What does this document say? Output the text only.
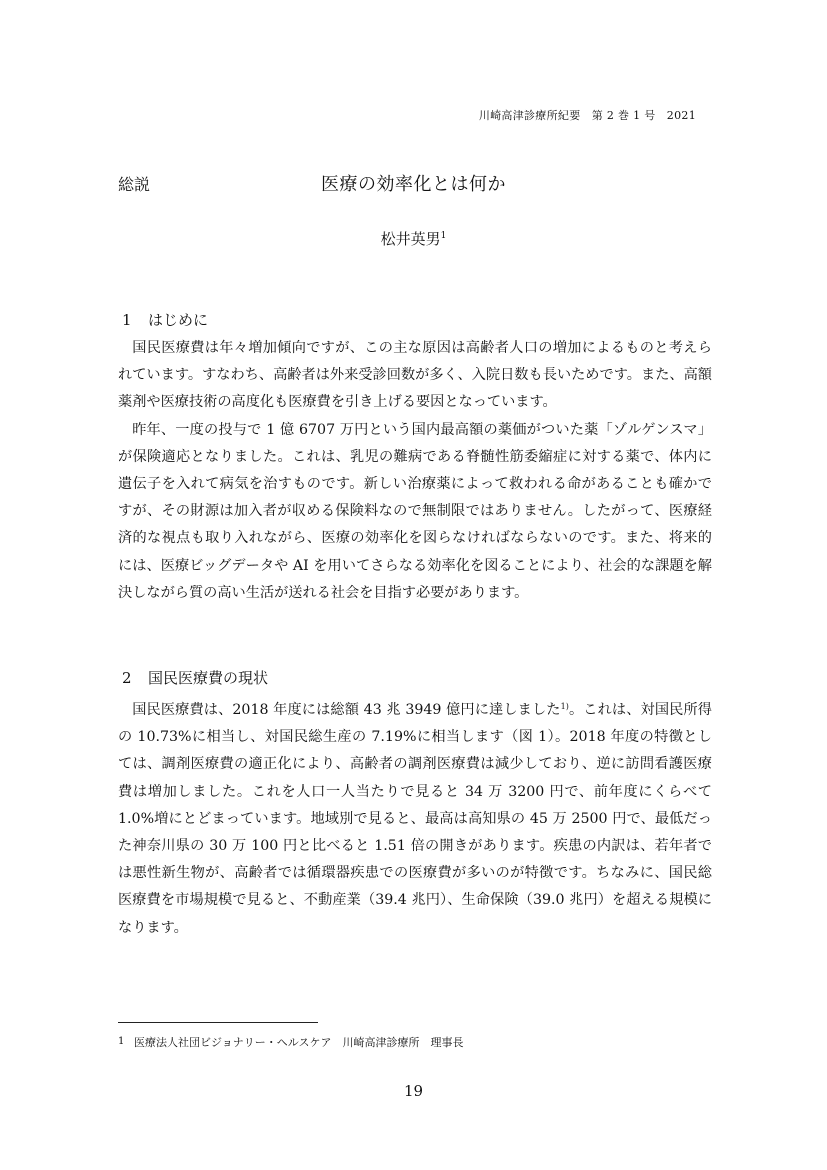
川崎高津診療所紀要　第 2 巻 1 号　2021
総説	医療の効率化とは何か
松井英男$^1$
1 はじめに

国民医療費は年々増加傾向ですが、この主な原因は高齢者人口の増加によるものと考えられています。すなわち、高齢者は外来受診回数が多く、入院日数も長いためです。また、高額薬剤や医療技術の高度化も医療費を引き上げる要因となっています。

昨年、一度の投与で 1 億 6707 万円という国内最高額の薬価がついた薬「ゾルゲンスマ」が保険適応となりました。これは、乳児の難病である脊髄性筋委縮症に対する薬で、体内に遺伝子を入れて病気を治すものです。新しい治療薬によって救われる命があることも確かですが、その財源は加入者が収める保険料なので無制限ではありません。したがって、医療経済的な視点も取り入れながら、医療の効率化を図らなければならないのです。また、将来的には、医療ビッグデータや AI を用いてさらなる効率化を図ることにより、社会的な課題を解決しながら質の高い生活が送れる社会を目指す必要があります。

2 国民医療費の現状

国民医療費は、2018 年度には総額 43 兆 3949 億円に達しました$^{1)}$。これは、対国民所得の 10.73%に相当し、対国民総生産の 7.19%に相当します（図 1）。2018 年度の特徴としては、調剤医療費の適正化により、高齢者の調剤医療費は減少しており、逆に訪問看護医療費は増加しました。これを人口一人当たりで見ると 34 万 3200 円で、前年度にくらべて 1.0%増にとどまっています。地域別で見ると、最高は高知県の 45 万 2500 円で、最低だった神奈川県の 30 万 100 円と比べると 1.51 倍の開きがあります。疾患の内訳は、若年者では悪性新生物が、高齢者では循環器疾患での医療費が多いのが特徴です。ちなみに、国民総医療費を市場規模で見ると、不動産業（39.4 兆円）、生命保険（39.0 兆円）を超える規模になります。

1 医療法人社団ビジョナリー・ヘルスケア　川崎高津診療所　理事長
19
